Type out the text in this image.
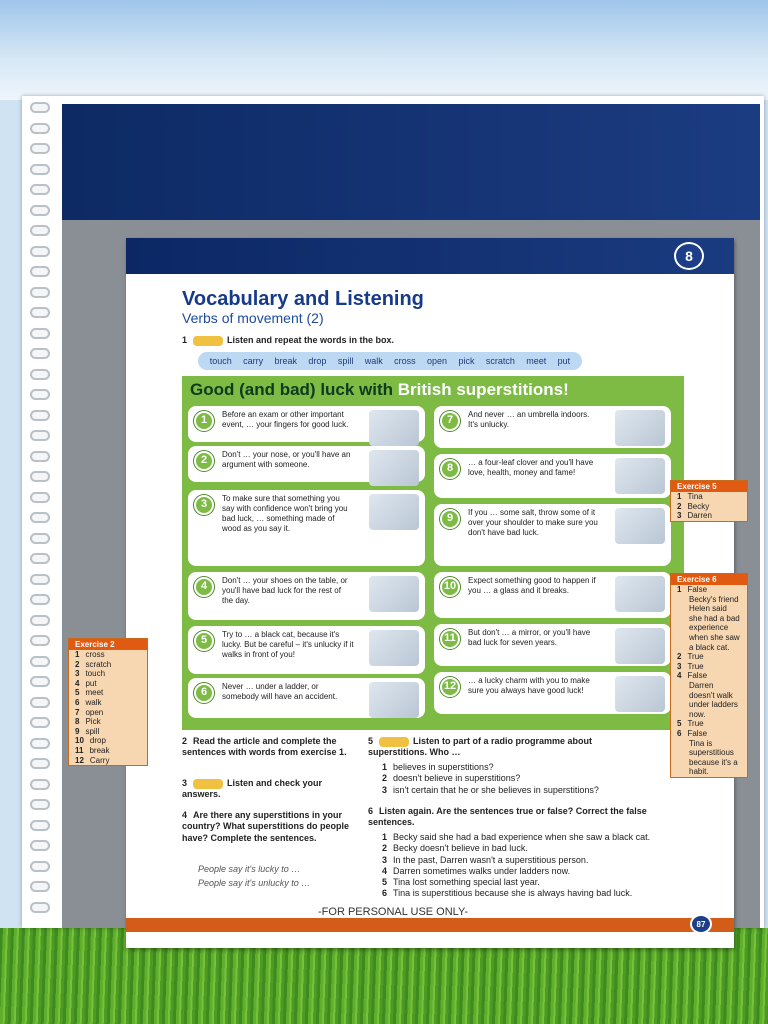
8
Vocabulary and Listening
Verbs of movement (2)
1	Listen and repeat the words in the box.
touch carry break drop spill walk cross open pick scratch meet put
Good (and bad) luck with British superstitions!
1	Before an exam or other important event, … your fingers for good luck.
2	Don't … your nose, or you'll have an argument with someone.
3	To make sure that something you say with confidence won't bring you bad luck, … something made of wood as you say it.
4	Don't … your shoes on the table, or you'll have bad luck for the rest of the day.
5	Try to … a black cat, because it's lucky. But be careful – it's unlucky if it walks in front of you!
6	Never … under a ladder, or somebody will have an accident.
7	And never … an umbrella indoors. It's unlucky.
8	… a four-leaf clover and you'll have love, health, money and fame!
9	If you … some salt, throw some of it over your shoulder to make sure you don't have bad luck.
10	Expect something good to happen if you … a glass and it breaks.
11	But don't … a mirror, or you'll have bad luck for seven years.
12	… a lucky charm with you to make sure you always have good luck!
2 Read the article and complete the sentences with words from exercise 1.
3	Listen and check your answers.
4 Are there any superstitions in your country? What superstitions do people have? Complete the sentences.
People say it's lucky to …
People say it's unlucky to …
5	Listen to part of a radio programme about superstitions. Who …
1 believes in superstitions?
2 doesn't believe in superstitions?
3 isn't certain that he or she believes in superstitions?
6 Listen again. Are the sentences true or false? Correct the false sentences.
1 Becky said she had a bad experience when she saw a black cat.
2 Becky doesn't believe in bad luck.
3 In the past, Darren wasn't a superstitious person.
4 Darren sometimes walks under ladders now.
5 Tina lost something special last year.
6 Tina is superstitious because she is always having bad luck.
87
-FOR PERSONAL USE ONLY-
Exercise 2
1 cross
2 scratch
3 touch
4 put
5 meet
6 walk
7 open
8 Pick
9 spill
10 drop
11 break
12 Carry
Exercise 5
1 Tina
2 Becky
3 Darren
Exercise 6
1 False
Becky's friend Helen said she had a bad experience when she saw a black cat.
2 True
3 True
4 False
Darren doesn't walk under ladders now.
5 True
6 False
Tina is superstitious because it's a habit.
